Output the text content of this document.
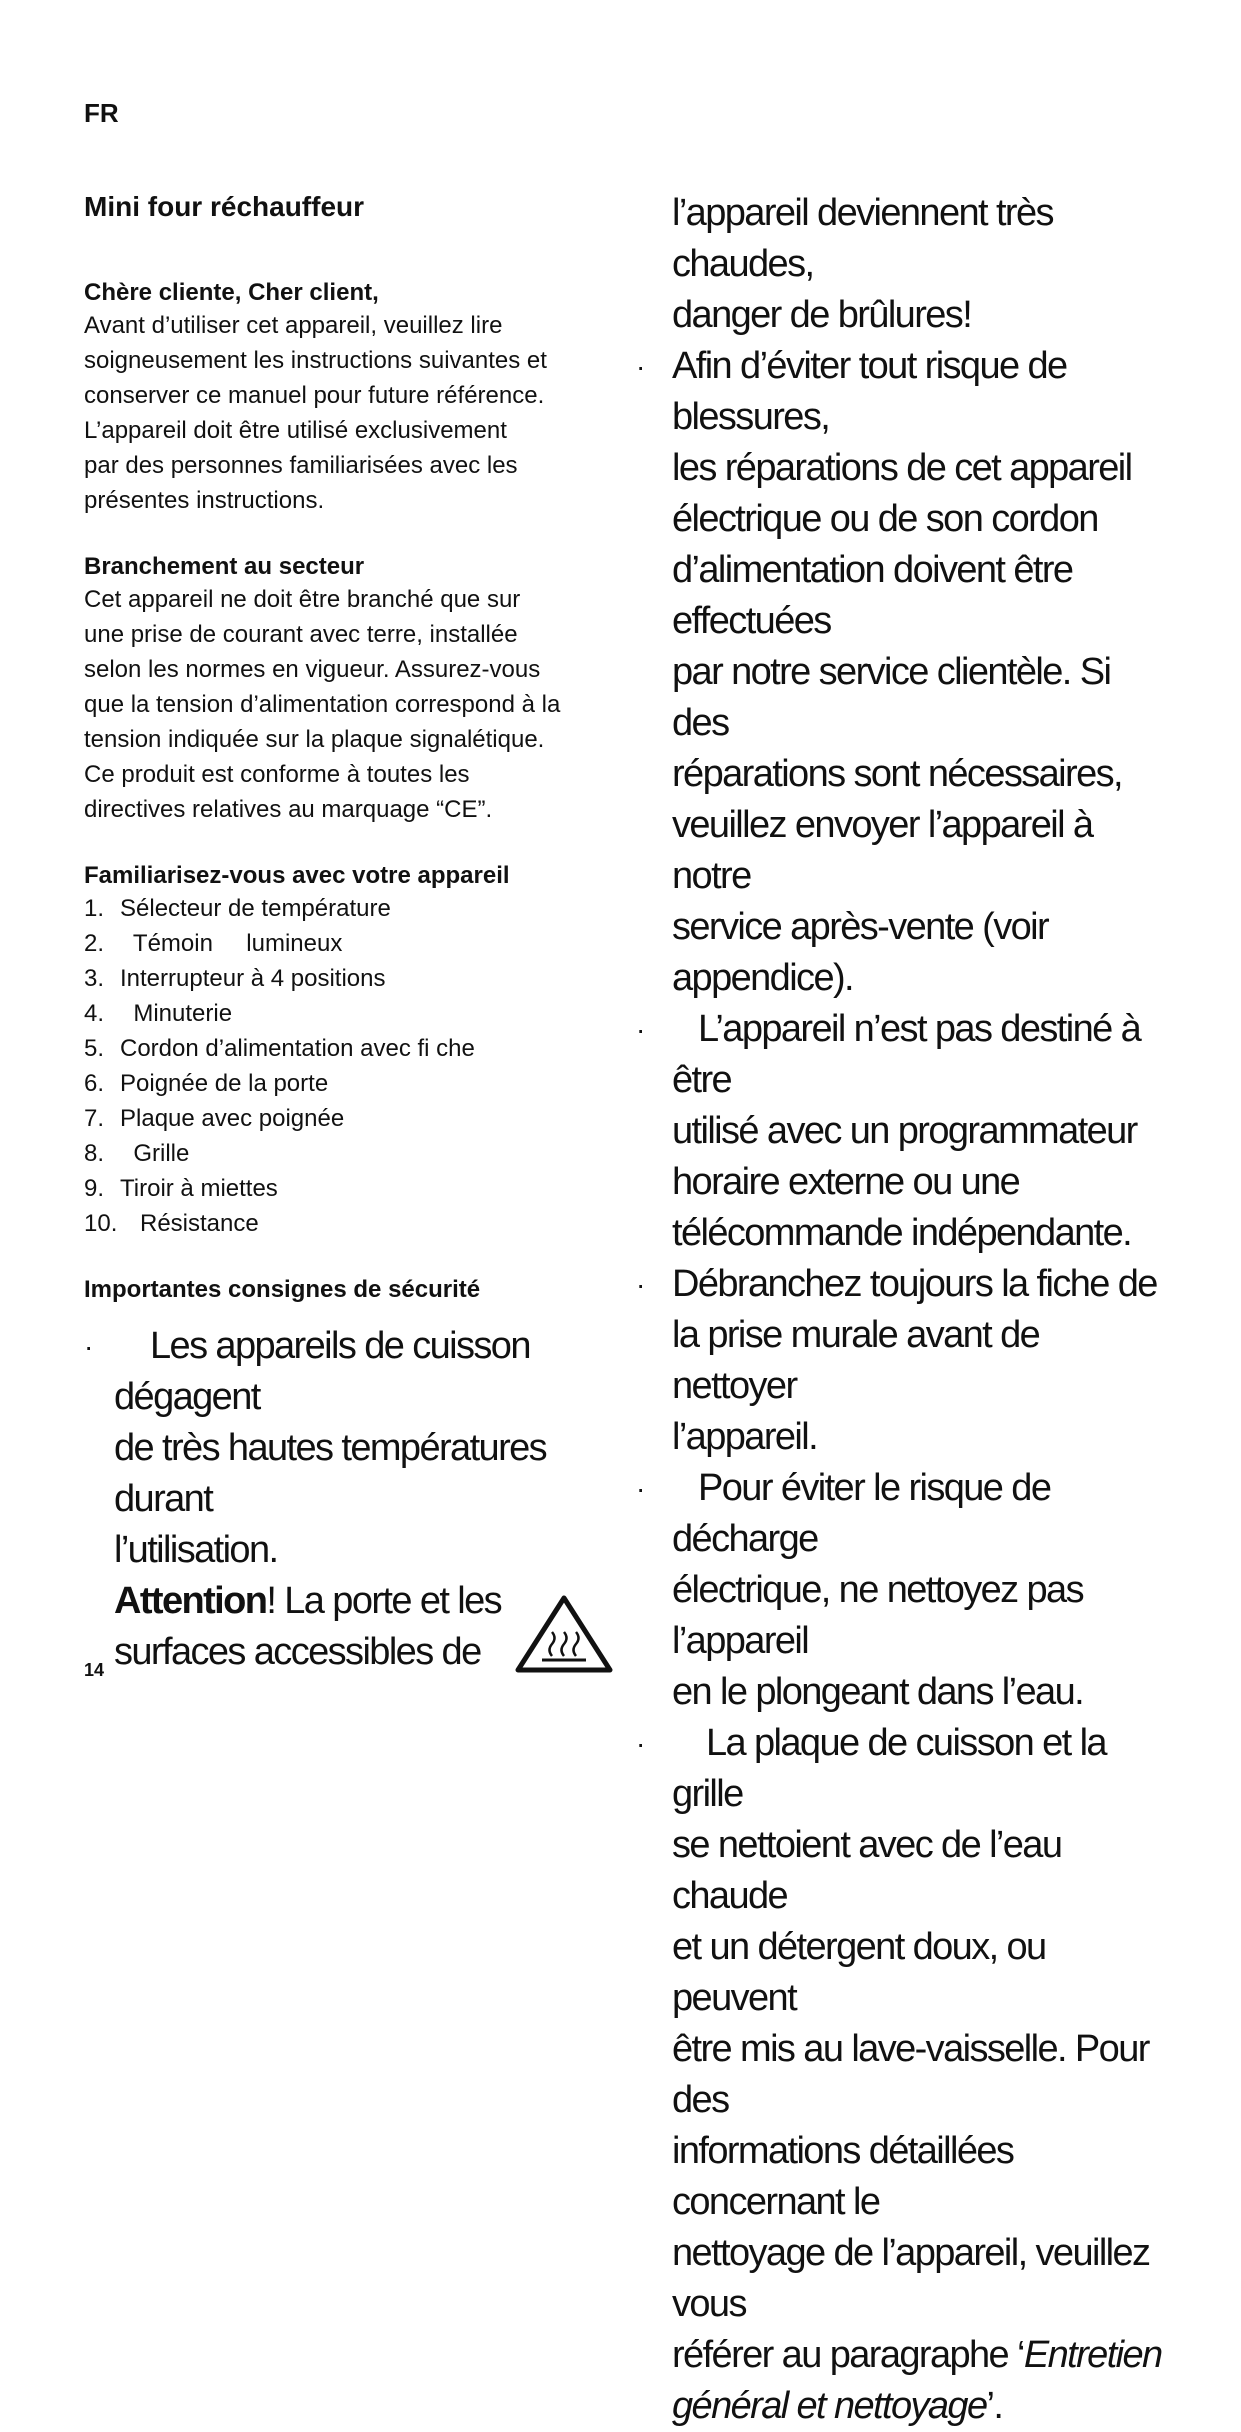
FR
Mini four réchauffeur

Chère cliente, Cher client,

Avant d’utiliser cet appareil, veuillez lire
soigneusement les instructions suivantes et
conserver ce manuel pour future référence.
L’appareil doit être utilisé exclusivement
par des personnes familiarisées avec les
présentes instructions.

Branchement au secteur

Cet appareil ne doit être branché que sur
une prise de courant avec terre, installée
selon les normes en vigueur. Assurez-vous
que la tension d’alimentation correspond à la
tension indiquée sur la plaque signalétique.
Ce produit est conforme à toutes les
directives relatives au marquage “CE”.

Familiarisez-vous avec votre appareil

1. Sélecteur de température
2. Témoin     lumineux
3. Interrupteur à 4 positions
4. Minuterie
5. Cordon d’alimentation avec fi che
6. Poignée de la porte
7. Plaque avec poignée
8. Grille
9. Tiroir à miettes
10. Résistance

Importantes consignes de sécurité

·	Les appareils de cuisson dégagent
de très hautes températures durant
l’utilisation.
Attention! La porte et les
surfaces accessibles de
l’appareil deviennent très chaudes,
danger de brûlures!
· Afin d’éviter tout risque de blessures,
les réparations de cet appareil
électrique ou de son cordon
d’alimentation doivent être effectuées
par notre service clientèle. Si des
réparations sont nécessaires,
veuillez envoyer l’appareil à notre
service après-vente (voir appendice).
·	L’appareil n’est pas destiné à être
utilisé avec un programmateur
horaire externe ou une
télécommande indépendante.
· Débranchez toujours la fiche de
la prise murale avant de nettoyer
l’appareil.
·	Pour éviter le risque de décharge
électrique, ne nettoyez pas l’appareil
en le plongeant dans l’eau.
·	La plaque de cuisson et la grille
se nettoient avec de l’eau chaude
et un détergent doux, ou peuvent
être mis au lave-vaisselle. Pour des
informations détaillées concernant le
nettoyage de l’appareil, veuillez vous
référer au paragraphe ‘Entretien
général et nettoyage’.
14
